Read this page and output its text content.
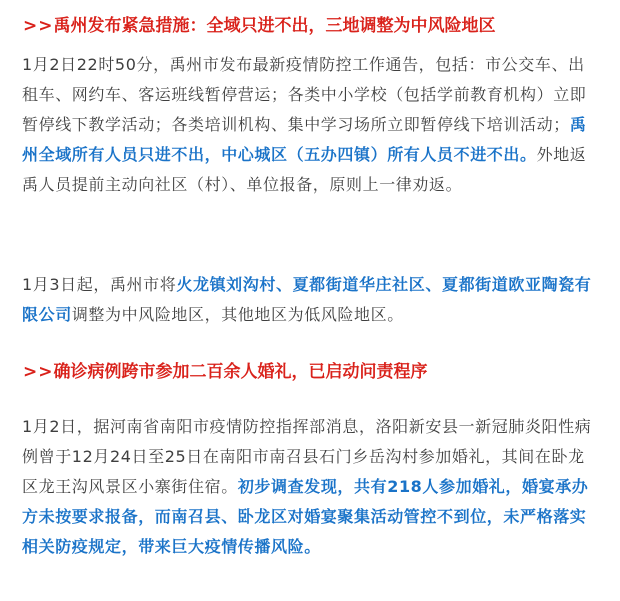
>>禹州发布紧急措施：全域只进不出，三地调整为中风险地区

1月2日22时50分，禹州市发布最新疫情防控工作通告，包括：市公交车、出租车、网约车、客运班线暂停营运；各类中小学校（包括学前教育机构）立即暂停线下教学活动；各类培训机构、集中学习场所立即暂停线下培训活动；禹州全域所有人员只进不出，中心城区（五办四镇）所有人员不进不出。外地返禹人员提前主动向社区（村）、单位报备，原则上一律劝返。

1月3日起，禹州市将火龙镇刘沟村、夏都街道华庄社区、夏都街道欧亚陶瓷有限公司调整为中风险地区，其他地区为低风险地区。

>>确诊病例跨市参加二百余人婚礼，已启动问责程序

1月2日，据河南省南阳市疫情防控指挥部消息，洛阳新安县一新冠肺炎阳性病例曾于12月24日至25日在南阳市南召县石门乡岳沟村参加婚礼，其间在卧龙区龙王沟风景区小寨街住宿。初步调查发现，共有218人参加婚礼，婚宴承办方未按要求报备，而南召县、卧龙区对婚宴聚集活动管控不到位，未严格落实相关防疫规定，带来巨大疫情传播风险。
